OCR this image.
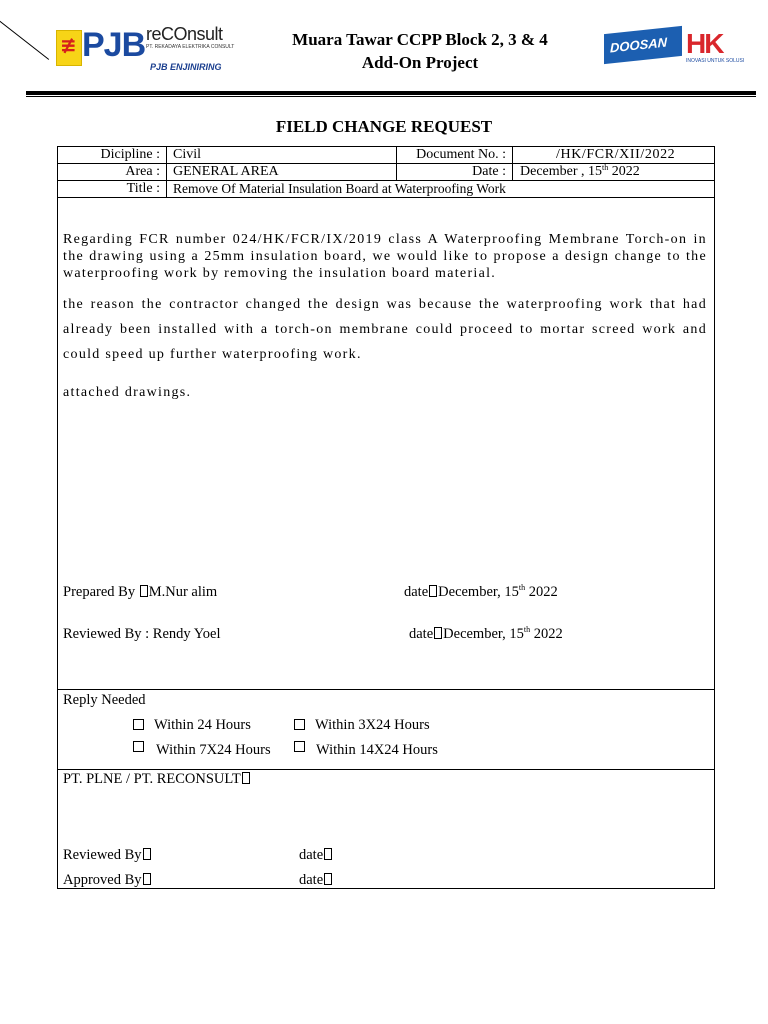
≢ PJB reCOnsult
PT. REKADAYA ELEKTRIKA CONSULT
PJB ENJINIRING
DOOSAN HK
INOVASI UNTUK SOLUSI
Muara Tawar CCPP Block 2, 3 & 4
Add-On Project
FIELD CHANGE REQUEST
Dicipline : Civil	Document No. :	/HK/FCR/XII/2022
Area : GENERAL AREA	Date : December , 15th 2022
Title : Remove Of Material Insulation Board at Waterproofing Work
Regarding FCR number 024/HK/FCR/IX/2019 class A Waterproofing Membrane Torch-on in the drawing using a 25mm insulation board, we would like to propose a design change to the waterproofing work by removing the insulation board material.
the reason the contractor changed the design was because the waterproofing work that had already been installed with a torch-on membrane could proceed to mortar screed work and could speed up further waterproofing work.
attached drawings.
Prepared By M.Nur alim	date December, 15th 2022
Reviewed By : Rendy Yoel	date December, 15th 2022
Reply Needed
Within 24 Hours	Within 3X24 Hours
Within 7X24 Hours	Within 14X24 Hours
PT. PLNE / PT. RECONSULT
Reviewed By	date
Approved By	date
